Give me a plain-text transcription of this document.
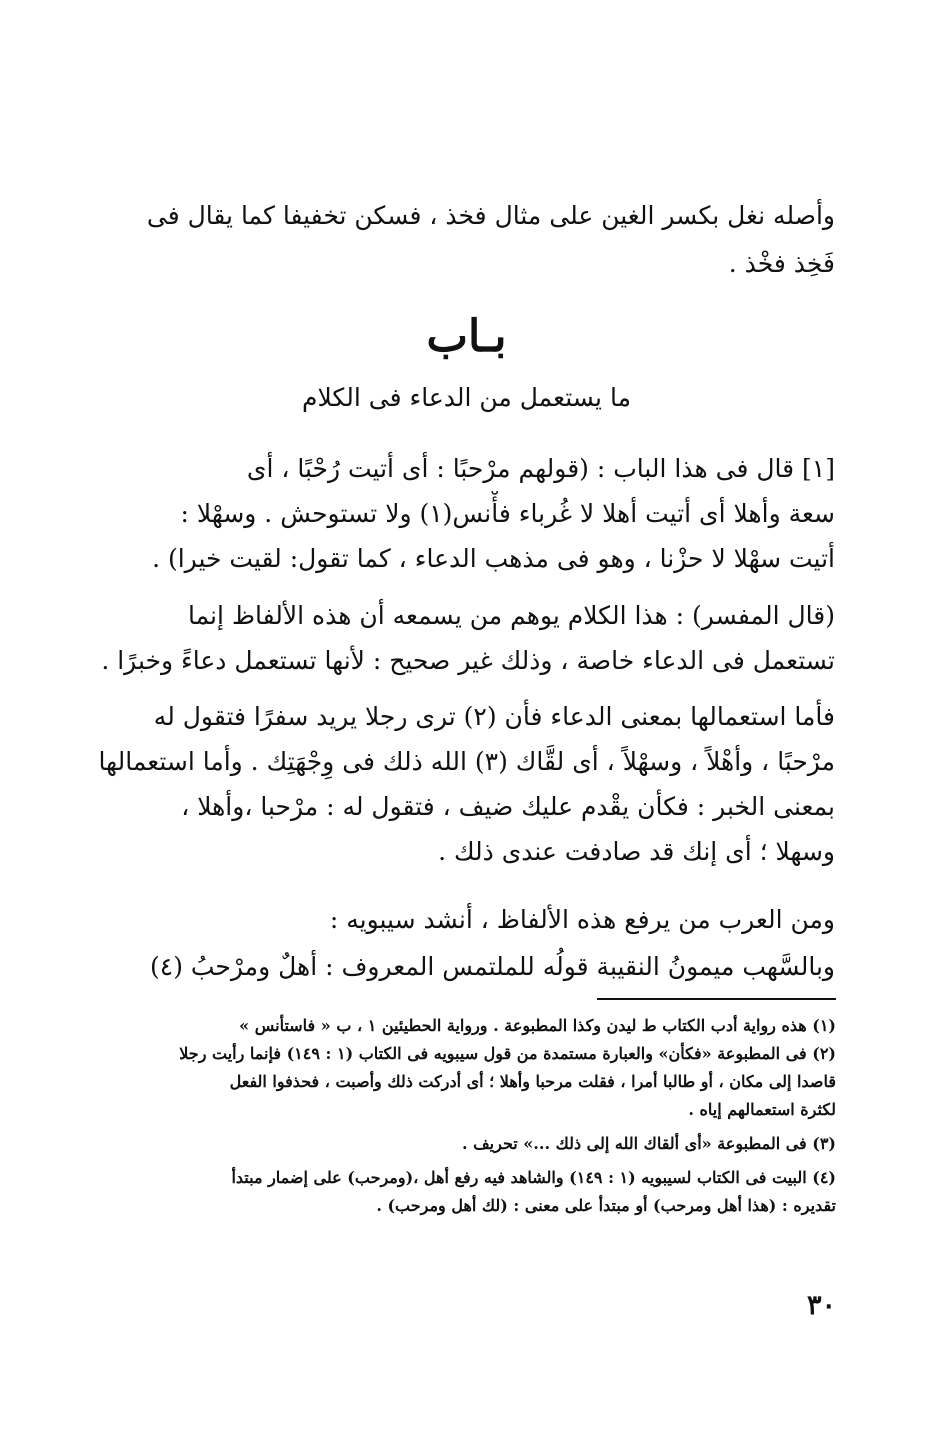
وأصله نغل بكسر الغين على مثال فخذ ، فسكن تخفيفا كما يقال فى
فَخِذ فخْذ .
بـاب
ما يستعمل من الدعاء فى الكلام
[١] قال فى هذا الباب : (قولهم مرْحبًا : أى أتيت رُحْبًا ، أى
سعة وأهلا أى أتيت أهلا لا غُرباء فأْنس(١) ولا تستوحش . وسهْلا :
أتيت سهْلا لا حزْنا ، وهو فى مذهب الدعاء ، كما تقول: لقيت خيرا) .
(قال المفسر) : هذا الكلام يوهم من يسمعه أن هذه الألفاظ إنما
تستعمل فى الدعاء خاصة ، وذلك غير صحيح : لأنها تستعمل دعاءً وخبرًا .
فأما استعمالها بمعنى الدعاء فأن (٢) ترى رجلا يريد سفرًا فتقول له
مرْحبًا ، وأهْلاً ، وسهْلاً ، أى لقَّاك (٣) الله ذلك فى وِجْهَتِك . وأما استعمالها
بمعنى الخبر : فكأن يقْدم عليك ضيف ، فتقول له : مرْحبا ،وأهلا ،
وسهلا ؛ أى إنك قد صادفت عندى ذلك .
ومن العرب من يرفع هذه الألفاظ ، أنشد سيبويه :
وبالسَّهب ميمونُ النقيبة قولُه للملتمس المعروف : أهلٌ ومرْحبُ (٤)
(١) هذه رواية أدب الكتاب ط ليدن وكذا المطبوعة . ورواية الحطيئين ١ ، ب « فاستأنس »
(٢) فى المطبوعة «فكأن» والعبارة مستمدة من قول سيبويه فى الكتاب (١ : ١٤٩) فإنما رأيت رجلا
قاصدا إلى مكان ، أو طالبا أمرا ، فقلت مرحبا وأهلا ؛ أى أدركت ذلك وأصبت ، فحذفوا الفعل
لكثرة استعمالهم إياه .
(٣) فى المطبوعة «أى ألقاك الله إلى ذلك ...» تحريف .
(٤) البيت فى الكتاب لسيبويه (١ : ١٤٩) والشاهد فيه رفع أهل ،(ومرحب) على إضمار مبتدأ
تقديره : (هذا أهل ومرحب) أو مبتدأ على معنى : (لك أهل ومرحب) .
٣٠
